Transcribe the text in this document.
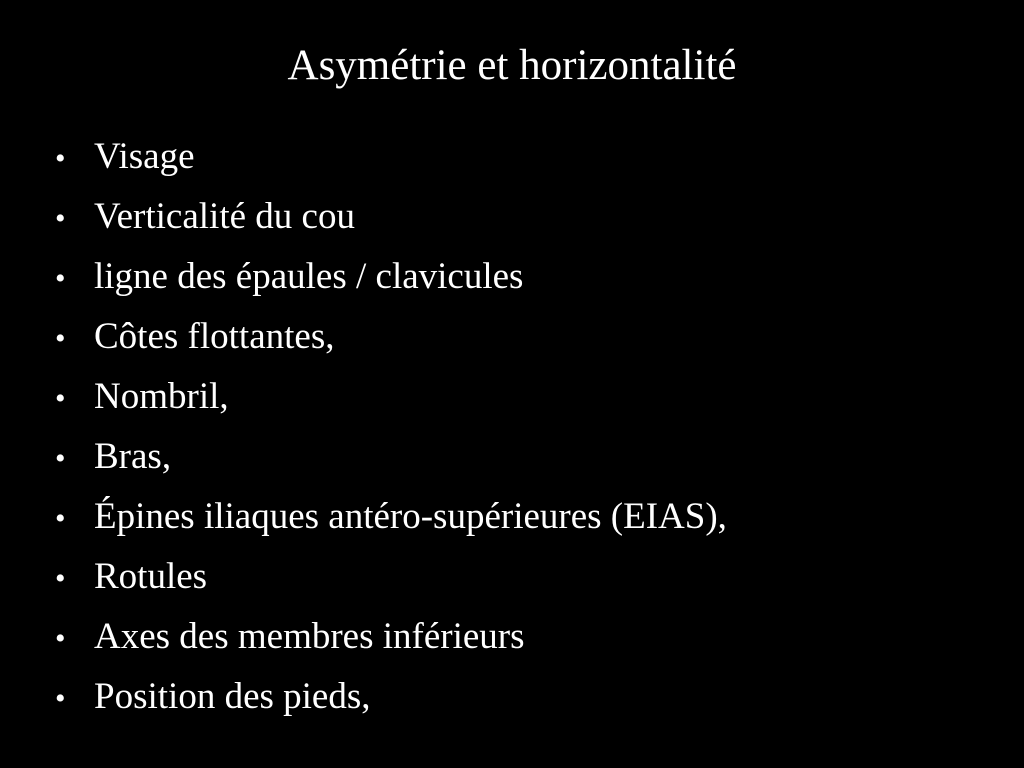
Asymétrie et horizontalité
• Visage
• Verticalité du cou
• ligne des épaules / clavicules
• Côtes flottantes,
• Nombril,
• Bras,
• Épines iliaques antéro-supérieures (EIAS),
• Rotules
• Axes des membres inférieurs
• Position des pieds,
